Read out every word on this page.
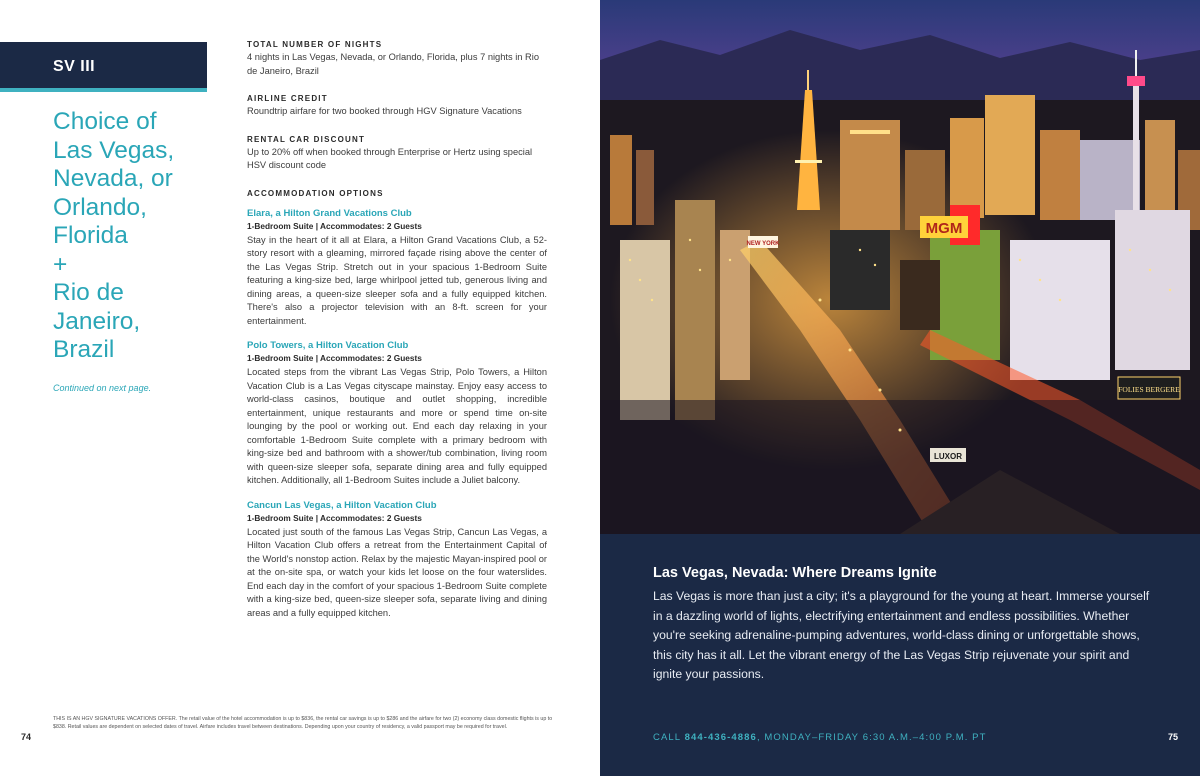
SV III
Choice of
Las Vegas,
Nevada, or
Orlando,
Florida
+
Rio de
Janeiro,
Brazil
Continued on next page.
TOTAL NUMBER OF NIGHTS
4 nights in Las Vegas, Nevada, or Orlando, Florida, plus 7 nights in Rio de Janeiro, Brazil
AIRLINE CREDIT
Roundtrip airfare for two booked through HGV Signature Vacations
RENTAL CAR DISCOUNT
Up to 20% off when booked through Enterprise or Hertz using special HSV discount code
ACCOMMODATION OPTIONS
Elara, a Hilton Grand Vacations Club
1-Bedroom Suite | Accommodates: 2 Guests
Stay in the heart of it all at Elara, a Hilton Grand Vacations Club, a 52-story resort with a gleaming, mirrored façade rising above the center of the Las Vegas Strip. Stretch out in your spacious 1-Bedroom Suite featuring a king-size bed, large whirlpool jetted tub, generous living and dining areas, a queen-size sleeper sofa and a fully equipped kitchen. There's also a projector television with an 8-ft. screen for your entertainment.
Polo Towers, a Hilton Vacation Club
1-Bedroom Suite | Accommodates: 2 Guests
Located steps from the vibrant Las Vegas Strip, Polo Towers, a Hilton Vacation Club is a Las Vegas cityscape mainstay. Enjoy easy access to world-class casinos, boutique and outlet shopping, incredible entertainment, unique restaurants and more or spend time on-site lounging by the pool or working out. End each day relaxing in your comfortable 1-Bedroom Suite complete with a primary bedroom with king-size bed and bathroom with a shower/tub combination, living room with queen-size sleeper sofa, separate dining area and fully equipped kitchen. Additionally, all 1-Bedroom Suites include a Juliet balcony.
Cancun Las Vegas, a Hilton Vacation Club
1-Bedroom Suite | Accommodates: 2 Guests
Located just south of the famous Las Vegas Strip, Cancun Las Vegas, a Hilton Vacation Club offers a retreat from the Entertainment Capital of the World's nonstop action. Relax by the majestic Mayan-inspired pool or at the on-site spa, or watch your kids let loose on the four waterslides. End each day in the comfort of your spacious 1-Bedroom Suite complete with a king-size bed, queen-size sleeper sofa, separate living and dining areas and a fully equipped kitchen.
74
THIS IS AN HGV SIGNATURE VACATIONS OFFER. The retail value of the hotel accommodation is up to $836, the rental car savings is up to $286 and the airfare for two (2) economy class domestic flights is up to $838. Retail values are dependent on selected dates of travel. Airfare includes travel between destinations. Depending upon your country of residency, a valid passport may be required for travel.
MGM
LUXOR
FOLIES BERGERE
NEW YORK
Las Vegas, Nevada: Where Dreams Ignite
Las Vegas is more than just a city; it's a playground for the young at heart. Immerse yourself in a dazzling world of lights, electrifying entertainment and endless possibilities. Whether you're seeking adrenaline-pumping adventures, world-class dining or unforgettable shows, this city has it all. Let the vibrant energy of the Las Vegas Strip rejuvenate your spirit and ignite your passions.
CALL 844-436-4886, MONDAY–FRIDAY 6:30 A.M.–4:00 P.M. PT	75
